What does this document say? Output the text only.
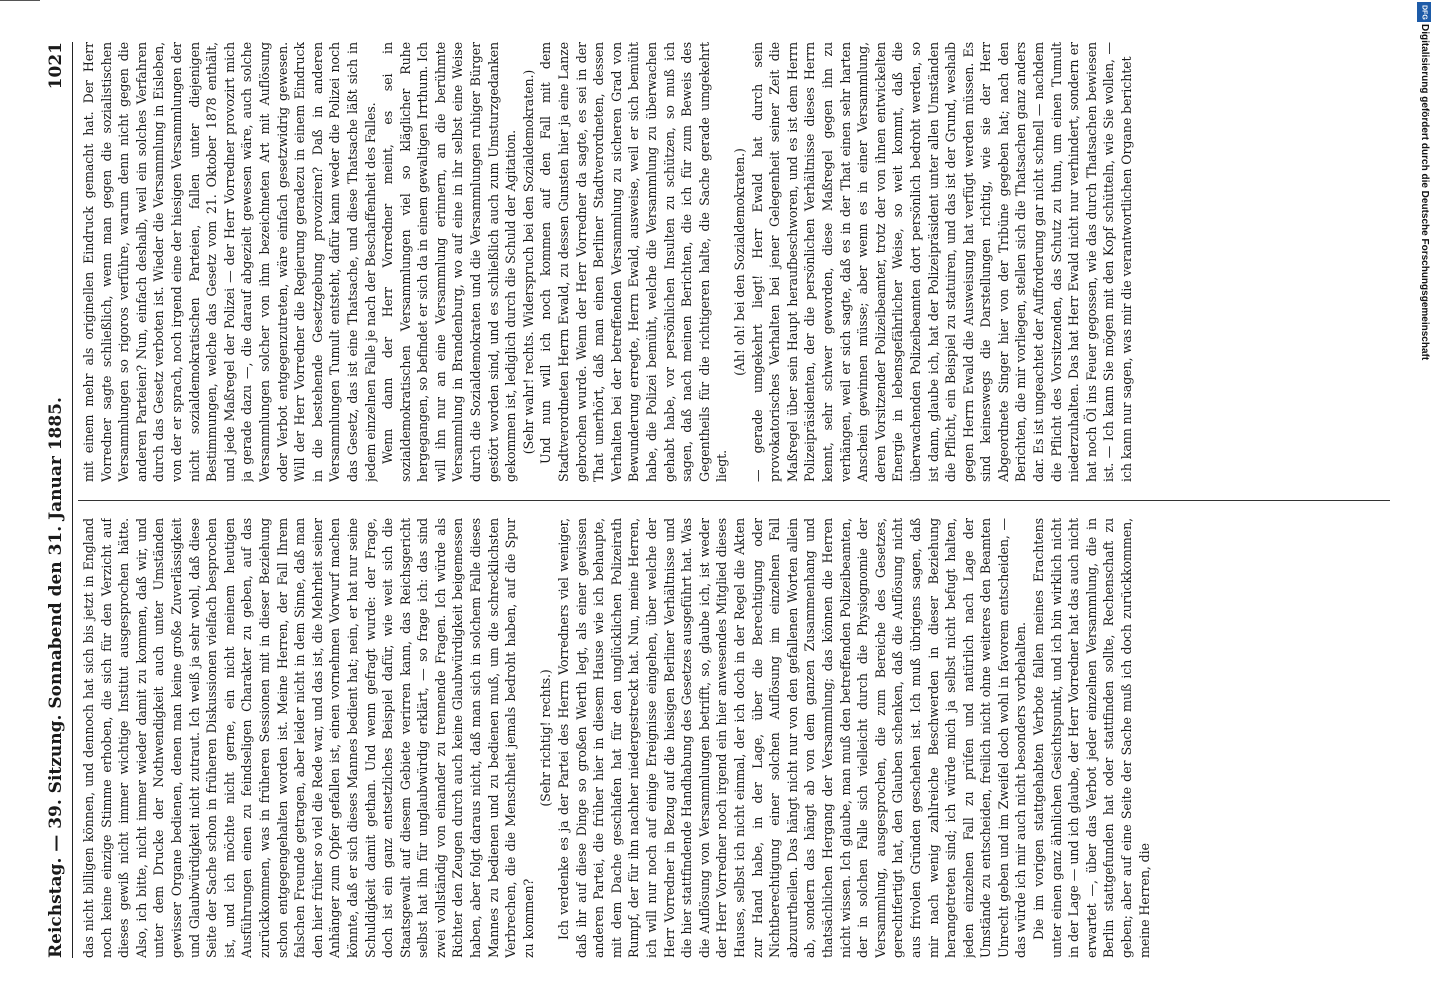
Reichstag. — 39. Sitzung. Sonnabend den 31. Januar 1885.
1021

das nicht billigen können, und dennoch hat sich bis jetzt in England noch keine einzige Stimme erhoben, die sich für den Verzicht auf dieses gewiß nicht immer wichtige Institut ausgesprochen hätte. Also, ich bitte, nicht immer wieder damit zu kommen, daß wir, und unter dem Drucke der Nothwendigkeit auch unter Umständen gewisser Organe bedienen, denen man keine große Zuverlässigkeit und Glaubwürdigkeit nicht zutraut. Ich weiß ja sehr wohl, daß diese Seite der Sache schon in früheren Diskussionen vielfach besprochen ist, und ich möchte nicht gerne, ein nicht meinem heutigen Ausführungen einen zu feindseligen Charakter zu geben, auf das zurückkommen, was in früheren Sessionen mit in dieser Beziehung schon entgegengehalten worden ist. Meine Herren, der Fall Ihrem falschen Freunde getragen, aber leider nicht in dem Sinne, daß man den hier früher so viel die Rede war, und das ist, die Mehrheit seiner Anhänger zum Opfer gefallen ist, einen vornehmen Vorwurf machen könnte, daß er sich dieses Mannes bedient hat; nein, er hat nur seine Schuldigkeit damit gethan. Und wenn gefragt wurde: der Frage, doch ist ein ganz entsetzliches Beispiel dafür, wie weit sich die Staatsgewalt auf diesem Gebiete verirren kann, das Reichsgericht selbst hat ihn für unglaubwürdig erklärt, — so frage ich: das sind zwei vollständig von einander zu trennende Fragen. Ich würde als Richter den Zeugen durch auch keine Glaubwürdigkeit beigemessen haben, aber folgt daraus nicht, daß man sich in solchem Falle dieses Mannes zu bedienen und zu bedienen muß, um die schrecklichsten Verbrechen, die die Menschheit jemals bedroht haben, auf die Spur zu kommen?

(Sehr richtig! rechts.) Ich verdenke es ja der Partei des Herrn Vorredners viel weniger, daß ihr auf diese Dinge so großen Werth legt, als einer gewissen anderen Partei, die früher hier in diesem Hause wie ich behaupte, mit dem Dache geschlafen hat für den unglücklichen Polizeirath Rumpf, der für ihn nachher niedergestreckt hat. Nun, meine Herren, ich will nur noch auf einige Ereignisse eingehen, über welche der Herr Vorredner in Bezug auf die hiesigen Berliner Verhältnisse und die hier stattfindende Handhabung des Gesetzes ausgeführt hat. Was die Auflösung von Versammlungen betrifft, so, glaube ich, ist weder der Herr Vorredner noch irgend ein hier anwesendes Mitglied dieses Hauses, selbst ich nicht einmal, der ich doch in der Regel die Akten zur Hand habe, in der Lage, über die Berechtigung oder Nichtberechtigung einer solchen Auflösung im einzelnen Fall abzuurtheilen. Das hängt nicht nur von den gefallenen Worten allein ab, sondern das hängt ab von dem ganzen Zusammenhang und thatsächlichen Hergang der Versammlung; das können die Herren nicht wissen. Ich glaube, man muß den betreffenden Polizeibeamten, der in solchen Falle sich vielleicht durch die Physiognomie der Versammlung, ausgesprochen, die zum Bereiche des Gesetzes, gerechtfertigt hat, den Glauben schenken, daß die Auflösung nicht aus frivolen Gründen geschehen ist. Ich muß übrigens sagen, daß mir nach wenig zahlreiche Beschwerden in dieser Beziehung herangetreten sind; ich würde mich ja selbst nicht befugt halten, jeden einzelnen Fall zu prüfen und natürlich nach Lage der Umstände zu entscheiden, freilich nicht ohne weiteres den Beamten Unrecht geben und im Zweifel doch wohl in favorem entscheiden, — das würde ich mir auch nicht besonders vorbehalten. Die im vorigen stattgehabten Verbote fallen meines Erachtens unter einen ganz ähnlichen Gesichtspunkt, und ich bin wirklich nicht in der Lage — und ich glaube, der Herr Vorredner hat das auch nicht erwartet —, über das Verbot jeder einzelnen Versammlung, die in Berlin stattgefunden hat oder stattfinden sollte, Rechenschaft zu geben; aber auf eine Seite der Sache muß ich doch zurückkommen, meine Herren, die

mit einem mehr als originellen Eindruck gemacht hat. Der Herr Vorredner sagte schließlich, wenn man gegen die sozialistischen Versammlungen so rigoros verführe, warum denn nicht gegen die anderen Parteien? Nun, einfach deshalb, weil ein solches Verfahren durch das Gesetz verboten ist. Wieder die Versammlung in Eisleben, von der er sprach, noch irgend eine der hiesigen Versammlungen der nicht sozialdemokratischen Parteien, fallen unter diejenigen Bestimmungen, welche das Gesetz vom 21. Oktober 1878 enthält, und jede Maßregel der Polizei — der Herr Vorredner provozirt mich ja gerade dazu —, die darauf abgezielt gewesen wäre, auch solche Versammlungen solcher von ihm bezeichneten Art mit Auflösung oder Verbot entgegenzutreten, wäre einfach gesetzwidrig gewesen. Will der Herr Vorredner die Regierung geradezu in einem Eindruck in die bestehende Gesetzgebung provoziren? Daß in anderen Versammlungen Tumult entsteht, dafür kann weder die Polizei noch das Gesetz, das ist eine Thatsache, und diese Thatsache läßt sich in jedem einzelnen Falle je nach der Beschaffenheit des Falles. Wenn dann der Herr Vorredner meint, es sei in sozialdemokratischen Versammlungen viel so kläglicher Ruhe hergegangen, so befindet er sich da in einem gewaltigen Irrthum. Ich will ihn nur an eine Versammlung erinnern, an die berühmte Versammlung in Brandenburg, wo auf eine in ihr selbst eine Weise durch die Sozialdemokraten und die Versammlungen ruhiger Bürger gestört worden sind, und es schließlich auch zum Umsturzgedanken gekommen ist, lediglich durch die Schuld der Agitation. (Sehr wahr! rechts. Widerspruch bei den Sozialdemokraten.) Und nun will ich noch kommen auf den Fall mit dem Stadtverordneten Herrn Ewald, zu dessen Gunsten hier ja eine Lanze gebrochen wurde. Wenn der Herr Vorredner da sagte, es sei in der That unerhört, daß man einen Berliner Stadtverordneten, dessen Verhalten bei der betreffenden Versammlung zu sicheren Grad von Bewunderung erregte, Herrn Ewald, ausweise, weil er sich bemüht habe, die Polizei bemüht, welche die Versammlung zu überwachen gehabt habe, vor persönlichen Insulten zu schützen, so muß ich sagen, daß nach meinen Berichten, die ich für zum Beweis des Gegentheils für die richtigeren halte, die Sache gerade umgekehrt liegt.

(Ah! oh! bei den Sozialdemokraten.) — gerade umgekehrt liegt! Herr Ewald hat durch sein provokatorisches Verhalten bei jener Gelegenheit seiner Zeit die Maßregel über sein Haupt heraufbeschworen, und es ist dem Herrn Polizeipräsidenten, der die persönlichen Verhältnisse dieses Herrn kennt, sehr schwer geworden, diese Maßregel gegen ihn zu verhängen, weil er sich sagte, daß es in der That einen sehr harten Anschein gewinnen müsse; aber wenn es in einer Versammlung, deren Vorsitzender Polizeibeamter, trotz der von ihnen entwickelten Energie in lebensgefährlicher Weise, so weit kommt, daß die überwachenden Polizeibeamten dort persönlich bedroht werden, so ist dann, glaube ich, hat der Polizeipräsident unter allen Umständen die Pflicht, ein Beispiel zu statuiren, und das ist der Grund, weshalb gegen Herrn Ewald die Ausweisung hat verfügt werden müssen. Es sind keineswegs die Darstellungen richtig, wie sie der Herr Abgeordnete Singer hier von der Tribüne gegeben hat; nach den Berichten, die mir vorliegen, stellen sich die Thatsachen ganz anders dar. Es ist ungeachtet der Aufforderung gar nicht schnell — nachdem die Pflicht des Vorsitzenden, das Schutz zu thun, um einen Tumult niederzuhalten. Das hat Herr Ewald nicht nur verhindert, sondern er hat noch Öl ins Feuer gegossen, wie das durch Thatsachen bewiesen ist. — Ich kann Sie mögen mit den Kopf schütteln, wie Sie wollen, — ich kann nur sagen, was mir die verantwortlichen Organe berichtet

DFG
Digitalisierung gefördert durch die Deutsche Forschungsgemeinschaft
